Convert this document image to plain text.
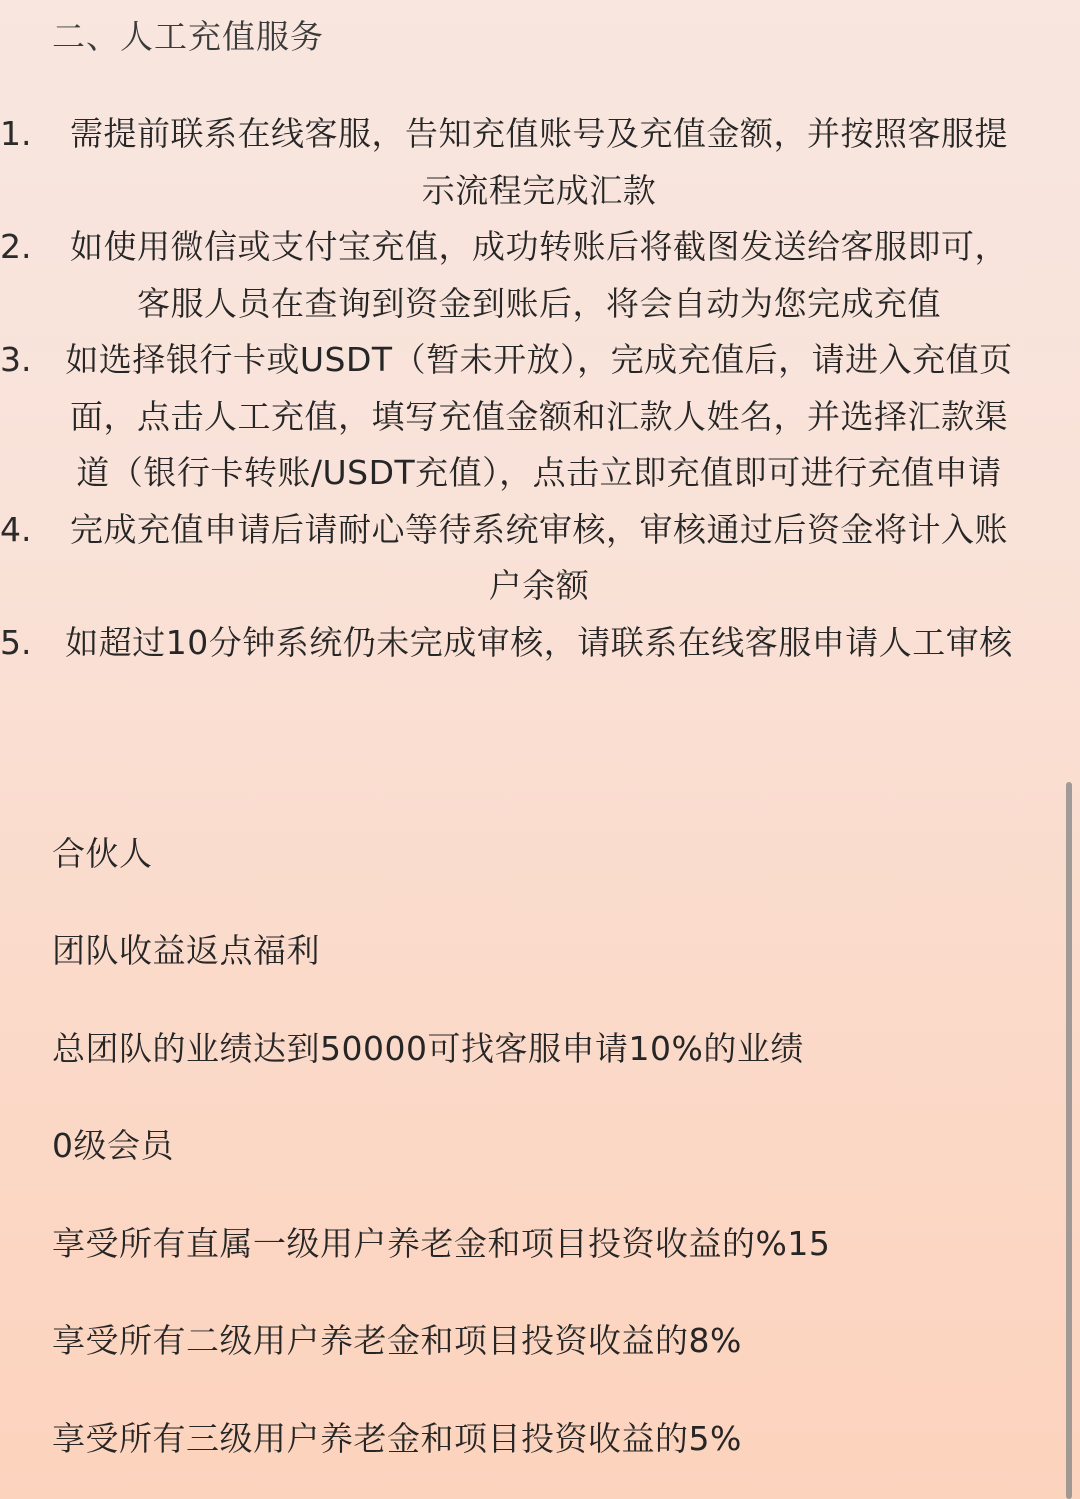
二、人工充值服务
1.	需提前联系在线客服，告知充值账号及充值金额，并按照客服提示流程完成汇款
2.	如使用微信或支付宝充值，成功转账后将截图发送给客服即可，客服人员在查询到资金到账后，将会自动为您完成充值
3. 如选择银行卡或USDT（暂未开放），完成充值后，请进入充值页面，点击人工充值，填写充值金额和汇款人姓名，并选择汇款渠道（银行卡转账/USDT充值），点击立即充值即可进行充值申请
4.	完成充值申请后请耐心等待系统审核，审核通过后资金将计入账户余额
5. 如超过10分钟系统仍未完成审核，请联系在线客服申请人工审核
合伙人
团队收益返点福利
总团队的业绩达到50000可找客服申请10%的业绩
0级会员
享受所有直属一级用户养老金和项目投资收益的%15
享受所有二级用户养老金和项目投资收益的8%
享受所有三级用户养老金和项目投资收益的5%
